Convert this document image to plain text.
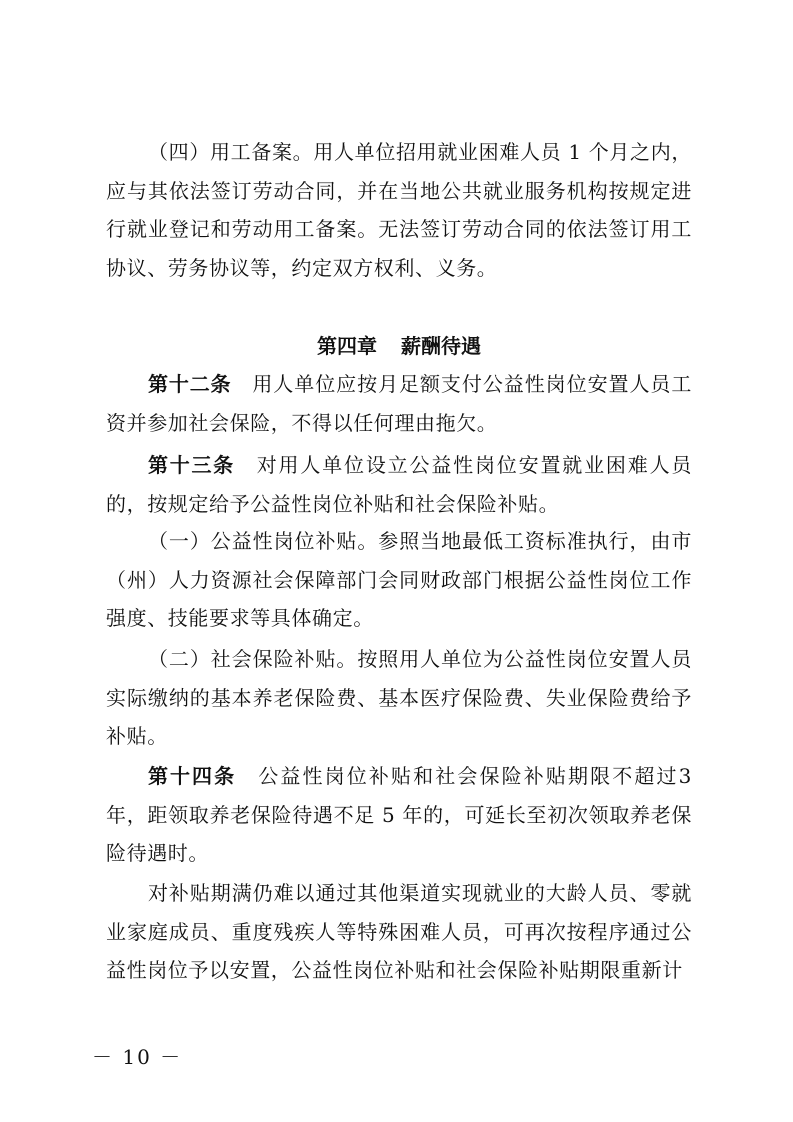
（四）用工备案。用人单位招用就业困难人员 1 个月之内，应与其依法签订劳动合同，并在当地公共就业服务机构按规定进行就业登记和劳动用工备案。无法签订劳动合同的依法签订用工协议、劳务协议等，约定双方权利、义务。

第四章 薪酬待遇

第十二条　 用人单位应按月足额支付公益性岗位安置人员工资并参加社会保险，不得以任何理由拖欠。

第十三条　 对用人单位设立公益性岗位安置就业困难人员的，按规定给予公益性岗位补贴和社会保险补贴。

（一）公益性岗位补贴。参照当地最低工资标准执行，由市（州）人力资源社会保障部门会同财政部门根据公益性岗位工作强度、技能要求等具体确定。

（二）社会保险补贴。按照用人单位为公益性岗位安置人员实际缴纳的基本养老保险费、基本医疗保险费、失业保险费给予补贴。

第十四条　 公益性岗位补贴和社会保险补贴期限不超过3年，距领取养老保险待遇不足 5 年的，可延长至初次领取养老保险待遇时。

对补贴期满仍难以通过其他渠道实现就业的大龄人员、零就业家庭成员、重度残疾人等特殊困难人员，可再次按程序通过公益性岗位予以安置，公益性岗位补贴和社会保险补贴期限重新计

－ 10 －
